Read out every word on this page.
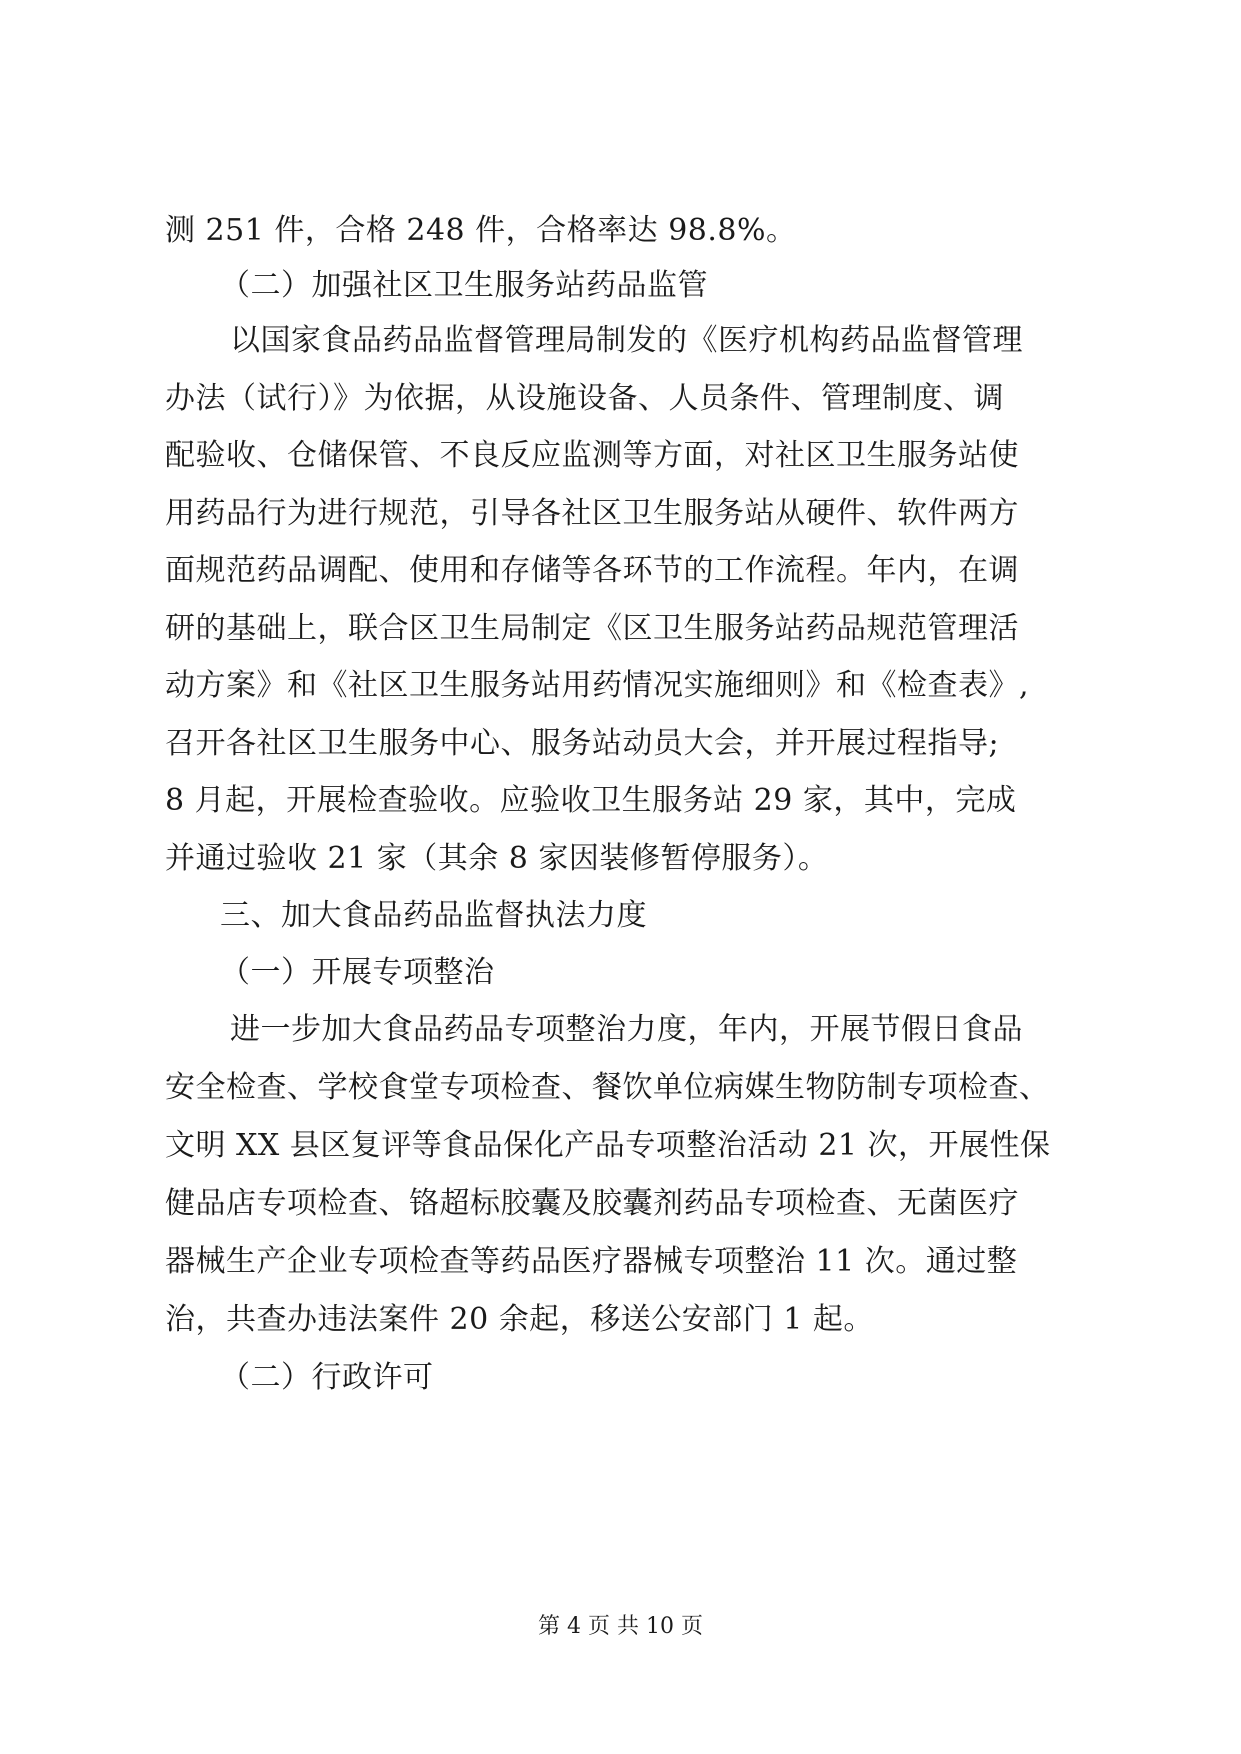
测 251 件，合格 248 件，合格率达 98.8%。
（二）加强社区卫生服务站药品监管
以国家食品药品监督管理局制发的《医疗机构药品监督管理
办法（试行）》为依据，从设施设备、人员条件、管理制度、调
配验收、仓储保管、不良反应监测等方面，对社区卫生服务站使
用药品行为进行规范，引导各社区卫生服务站从硬件、软件两方
面规范药品调配、使用和存储等各环节的工作流程。年内，在调
研的基础上，联合区卫生局制定《区卫生服务站药品规范管理活
动方案》和《社区卫生服务站用药情况实施细则》和《检查表》,
召开各社区卫生服务中心、服务站动员大会，并开展过程指导;
8 月起，开展检查验收。应验收卫生服务站 29 家，其中，完成
并通过验收 21 家（其余 8 家因装修暂停服务）。
三、加大食品药品监督执法力度
（一）开展专项整治
进一步加大食品药品专项整治力度，年内，开展节假日食品
安全检查、学校食堂专项检查、餐饮单位病媒生物防制专项检查、
文明 XX 县区复评等食品保化产品专项整治活动 21 次，开展性保
健品店专项检查、铬超标胶囊及胶囊剂药品专项检查、无菌医疗
器械生产企业专项检查等药品医疗器械专项整治 11 次。通过整
治，共查办违法案件 20 余起，移送公安部门 1 起。
（二）行政许可
第 4 页 共 10 页
